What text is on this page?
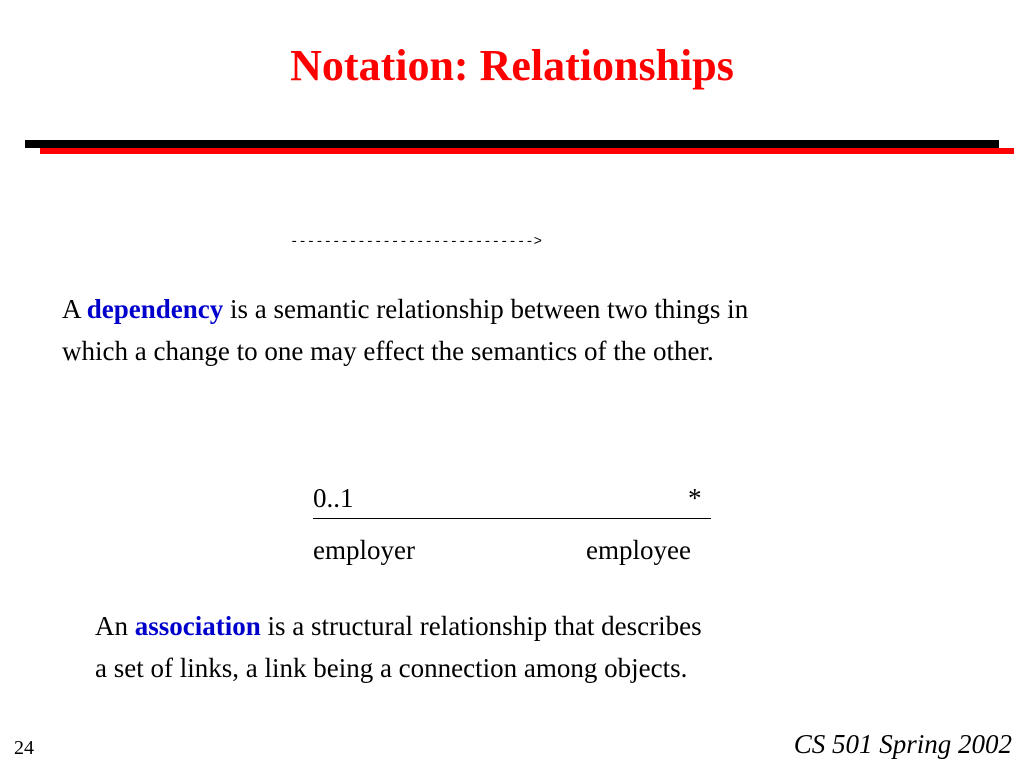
Notation: Relationships
----------------------------->
A dependency is a semantic relationship between two things in
which a change to one may effect the semantics of the other.
0..1	*
employer	employee
An association is a structural relationship that describes
a set of links, a link being a connection among objects.
24	CS 501 Spring 2002
